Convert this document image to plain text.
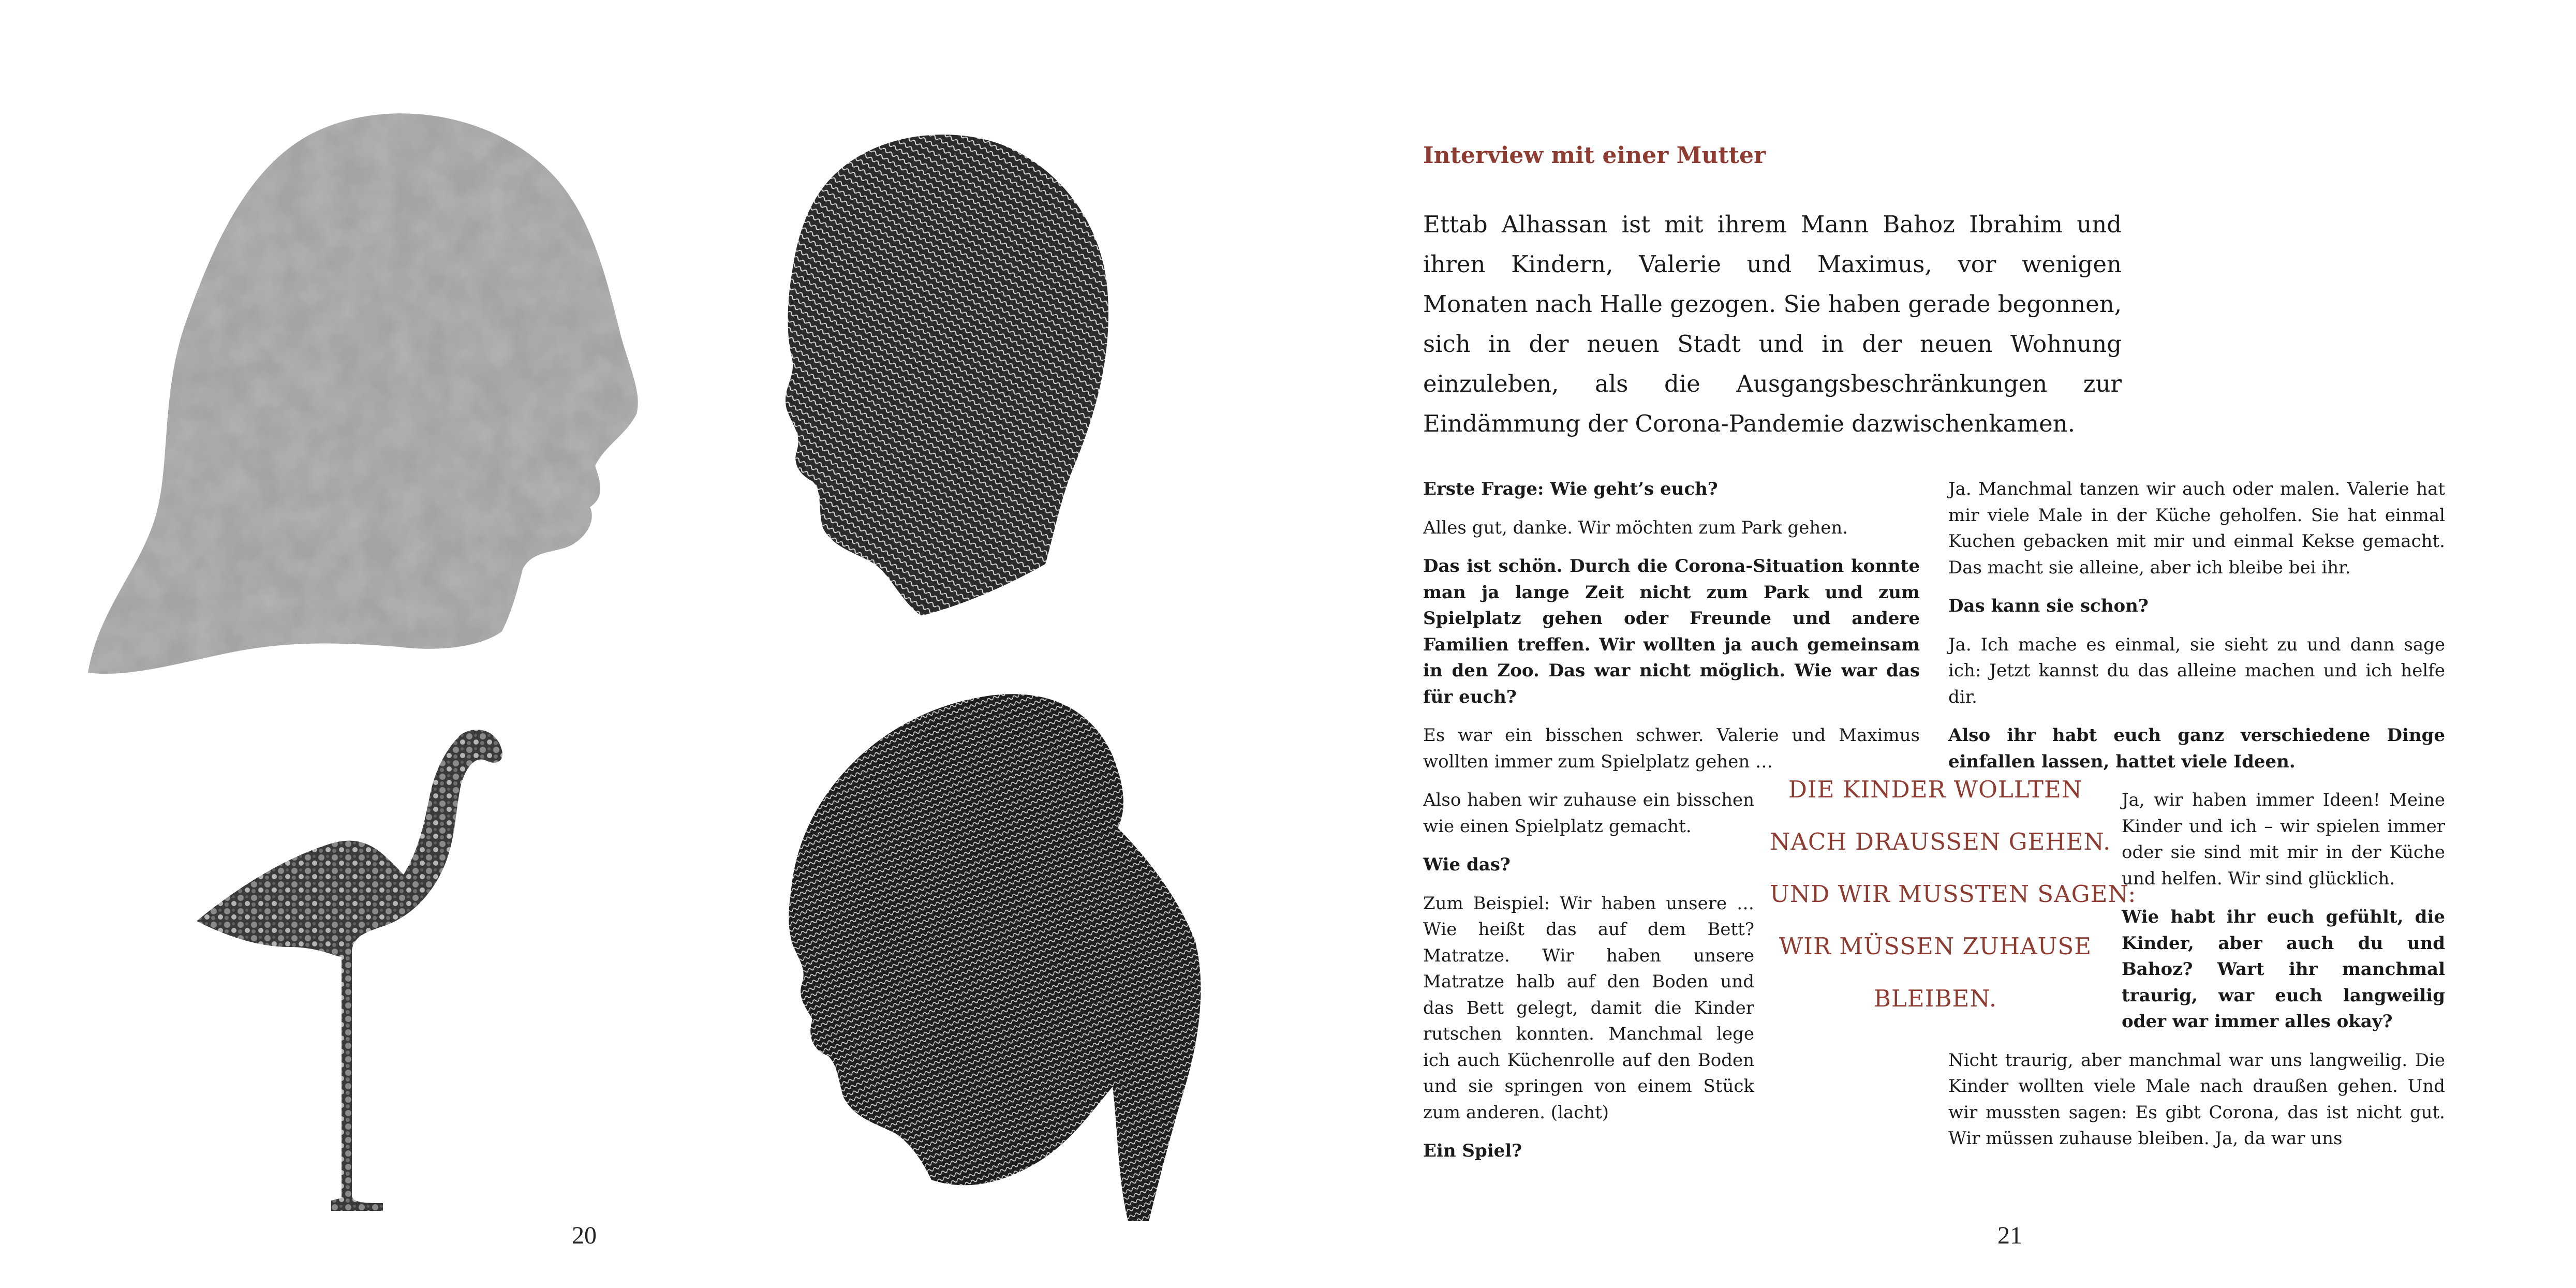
20
Interview mit einer Mutter

Ettab Alhassan ist mit ihrem Mann Bahoz Ibrahim und ihren Kindern, Valerie und Maximus, vor wenigen Monaten nach Halle gezogen. Sie haben gerade begonnen, sich in der neuen Stadt und in der neuen Wohnung einzuleben, als die Ausgangsbeschränkungen zur Eindämmung der Corona-Pandemie dazwischenkamen.

Erste Frage: Wie geht’s euch?

Alles gut, danke. Wir möchten zum Park gehen.

Das ist schön. Durch die Corona-Situation konnte man ja lange Zeit nicht zum Park und zum Spielplatz gehen oder Freunde und andere Familien treffen. Wir wollten ja auch gemeinsam in den Zoo. Das war nicht möglich. Wie war das für euch?

Es war ein bisschen schwer. Valerie und Maximus wollten immer zum Spielplatz gehen …

Also haben wir zuhause ein bisschen wie einen Spielplatz gemacht.

Wie das?

Zum Beispiel: Wir haben unsere … Wie heißt das auf dem Bett? Matratze. Wir haben unsere Matratze halb auf den Boden und das Bett gelegt, damit die Kinder rutschen konnten. Manchmal lege ich auch Küchenrolle auf den Boden und sie springen von einem Stück zum anderen. (lacht)

Ein Spiel?

Ja. Manchmal tanzen wir auch oder malen. Valerie hat mir viele Male in der Küche geholfen. Sie hat einmal Kuchen gebacken mit mir und einmal Kekse gemacht. Das macht sie alleine, aber ich bleibe bei ihr.

Das kann sie schon?

Ja. Ich mache es einmal, sie sieht zu und dann sage ich: Jetzt kannst du das alleine machen und ich helfe dir.

Also ihr habt euch ganz verschiedene Dinge einfallen lassen, hattet viele Ideen.

Ja, wir haben immer Ideen! Meine Kinder und ich – wir spielen immer oder sie sind mit mir in der Küche und helfen. Wir sind glücklich.

Wie habt ihr euch gefühlt, die Kinder, aber auch du und Bahoz? Wart ihr manchmal traurig, war euch langweilig oder war immer alles okay?

Nicht traurig, aber manchmal war uns langweilig. Die Kinder wollten viele Male nach draußen gehen. Und wir mussten sagen: Es gibt Corona, das ist nicht gut. Wir müssen zuhause bleiben. Ja, da war uns

DIE KINDER WOLLTEN
NACH DRAUSSEN GEHEN.
UND WIR MUSSTEN SAGEN:
WIR MÜSSEN ZUHAUSE
BLEIBEN.
21
